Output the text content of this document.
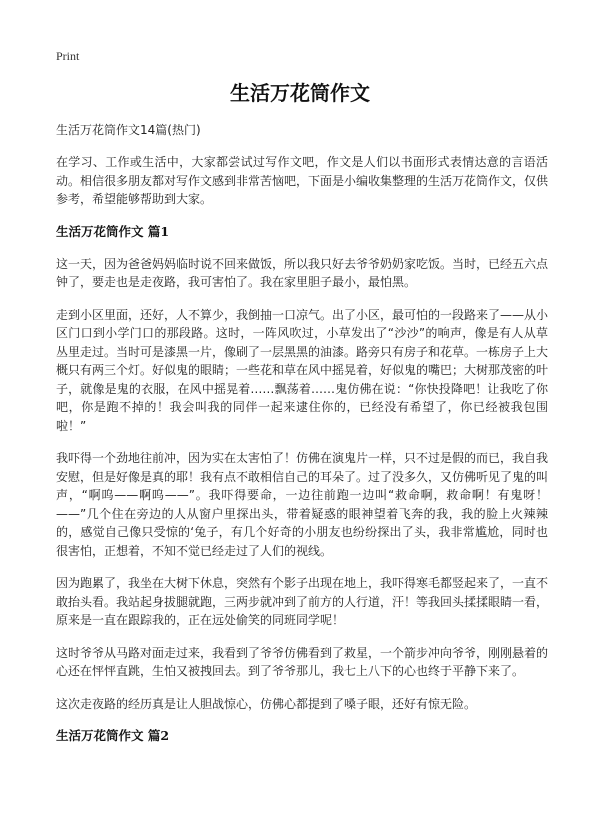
Print
生活万花筒作文
生活万花筒作文14篇(热门)

在学习、工作或生活中，大家都尝试过写作文吧，作文是人们以书面形式表情达意的言语活动。相信很多朋友都对写作文感到非常苦恼吧，下面是小编收集整理的生活万花筒作文，仅供参考，希望能够帮助到大家。

生活万花筒作文 篇1

这一天，因为爸爸妈妈临时说不回来做饭，所以我只好去爷爷奶奶家吃饭。当时，已经五六点钟了，要走也是走夜路，我可害怕了。我在家里胆子最小，最怕黑。

走到小区里面，还好，人不算少，我倒抽一口凉气。出了小区，最可怕的一段路来了——从小区门口到小学门口的那段路。这时，一阵风吹过，小草发出了“沙沙”的响声，像是有人从草丛里走过。当时可是漆黑一片，像刷了一层黑黑的油漆。路旁只有房子和花草。一栋房子上大概只有两三个灯。好似鬼的眼睛；一些花和草在风中摇晃着，好似鬼的嘴巴；大树那茂密的叶子，就像是鬼的衣服，在风中摇晃着……飘荡着……鬼仿佛在说：“你快投降吧！让我吃了你吧，你是跑不掉的！我会叫我的同伴一起来逮住你的，已经没有希望了，你已经被我包围啦！”

我吓得一个劲地往前冲，因为实在太害怕了！仿佛在演鬼片一样，只不过是假的而已，我自我安慰，但是好像是真的耶！我有点不敢相信自己的耳朵了。过了没多久，又仿佛听见了鬼的叫声，“啊呜——啊呜——”。我吓得要命，一边往前跑一边叫“救命啊，救命啊！有鬼呀！——”几个住在旁边的人从窗户里探出头，带着疑惑的眼神望着飞奔的我，我的脸上火辣辣的，感觉自己像只受惊的‘兔子，有几个好奇的小朋友也纷纷探出了头，我非常尴尬，同时也很害怕，正想着，不知不觉已经走过了人们的视线。

因为跑累了，我坐在大树下休息，突然有个影子出现在地上，我吓得寒毛都竖起来了，一直不敢抬头看。我站起身拔腿就跑，三两步就冲到了前方的人行道，汗！等我回头揉揉眼睛一看，原来是一直在跟踪我的，正在远处偷笑的同班同学呢！

这时爷爷从马路对面走过来，我看到了爷爷仿佛看到了救星，一个箭步冲向爷爷，刚刚悬着的心还在怦怦直跳，生怕又被拽回去。到了爷爷那儿，我七上八下的心也终于平静下来了。

这次走夜路的经历真是让人胆战惊心，仿佛心都提到了嗓子眼，还好有惊无险。

生活万花筒作文 篇2
